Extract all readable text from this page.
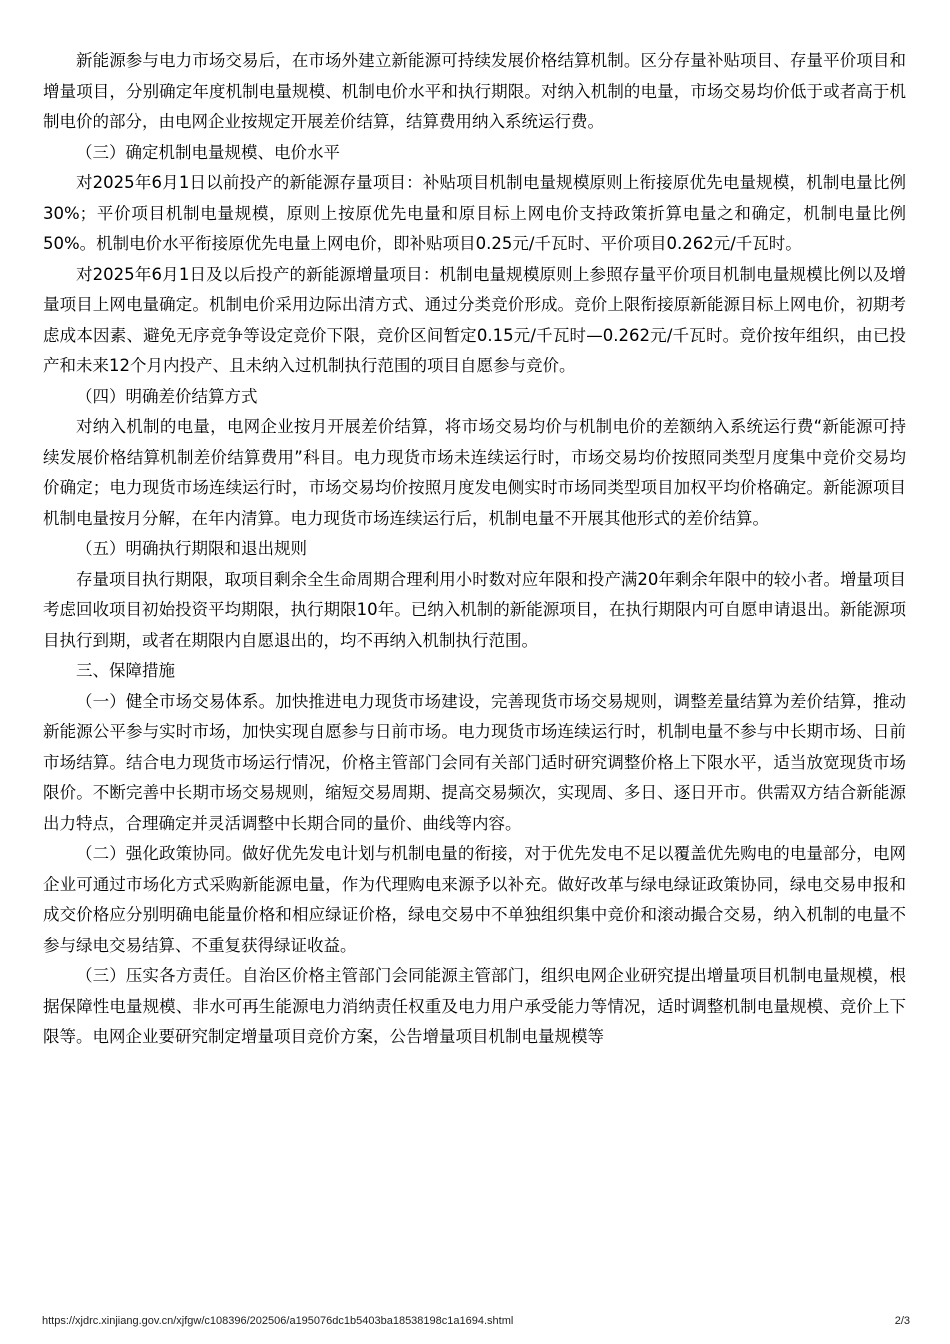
新能源参与电力市场交易后，在市场外建立新能源可持续发展价格结算机制。区分存量补贴项目、存量平价项目和增量项目，分别确定年度机制电量规模、机制电价水平和执行期限。对纳入机制的电量，市场交易均价低于或者高于机制电价的部分，由电网企业按规定开展差价结算，结算费用纳入系统运行费。

（三）确定机制电量规模、电价水平

对2025年6月1日以前投产的新能源存量项目：补贴项目机制电量规模原则上衔接原优先电量规模，机制电量比例30%；平价项目机制电量规模，原则上按原优先电量和原目标上网电价支持政策折算电量之和确定，机制电量比例50%。机制电价水平衔接原优先电量上网电价，即补贴项目0.25元/千瓦时、平价项目0.262元/千瓦时。

对2025年6月1日及以后投产的新能源增量项目：机制电量规模原则上参照存量平价项目机制电量规模比例以及增量项目上网电量确定。机制电价采用边际出清方式、通过分类竞价形成。竞价上限衔接原新能源目标上网电价，初期考虑成本因素、避免无序竞争等设定竞价下限，竞价区间暂定0.15元/千瓦时—0.262元/千瓦时。竞价按年组织，由已投产和未来12个月内投产、且未纳入过机制执行范围的项目自愿参与竞价。

（四）明确差价结算方式

对纳入机制的电量，电网企业按月开展差价结算，将市场交易均价与机制电价的差额纳入系统运行费“新能源可持续发展价格结算机制差价结算费用”科目。电力现货市场未连续运行时，市场交易均价按照同类型月度集中竞价交易均价确定；电力现货市场连续运行时，市场交易均价按照月度发电侧实时市场同类型项目加权平均价格确定。新能源项目机制电量按月分解，在年内清算。电力现货市场连续运行后，机制电量不开展其他形式的差价结算。

（五）明确执行期限和退出规则

存量项目执行期限，取项目剩余全生命周期合理利用小时数对应年限和投产满20年剩余年限中的较小者。增量项目考虑回收项目初始投资平均期限，执行期限10年。已纳入机制的新能源项目，在执行期限内可自愿申请退出。新能源项目执行到期，或者在期限内自愿退出的，均不再纳入机制执行范围。

三、保障措施

（一）健全市场交易体系。加快推进电力现货市场建设，完善现货市场交易规则，调整差量结算为差价结算，推动新能源公平参与实时市场，加快实现自愿参与日前市场。电力现货市场连续运行时，机制电量不参与中长期市场、日前市场结算。结合电力现货市场运行情况，价格主管部门会同有关部门适时研究调整价格上下限水平，适当放宽现货市场限价。不断完善中长期市场交易规则，缩短交易周期、提高交易频次，实现周、多日、逐日开市。供需双方结合新能源出力特点，合理确定并灵活调整中长期合同的量价、曲线等内容。

（二）强化政策协同。做好优先发电计划与机制电量的衔接，对于优先发电不足以覆盖优先购电的电量部分，电网企业可通过市场化方式采购新能源电量，作为代理购电来源予以补充。做好改革与绿电绿证政策协同，绿电交易申报和成交价格应分别明确电能量价格和相应绿证价格，绿电交易中不单独组织集中竞价和滚动撮合交易，纳入机制的电量不参与绿电交易结算、不重复获得绿证收益。

（三）压实各方责任。自治区价格主管部门会同能源主管部门，组织电网企业研究提出增量项目机制电量规模，根据保障性电量规模、非水可再生能源电力消纳责任权重及电力用户承受能力等情况，适时调整机制电量规模、竞价上下限等。电网企业要研究制定增量项目竞价方案，公告增量项目机制电量规模等

https://xjdrc.xinjiang.gov.cn/xjfgw/c108396/202506/a195076dc1b5403ba18538198c1a1694.shtml	2/3
